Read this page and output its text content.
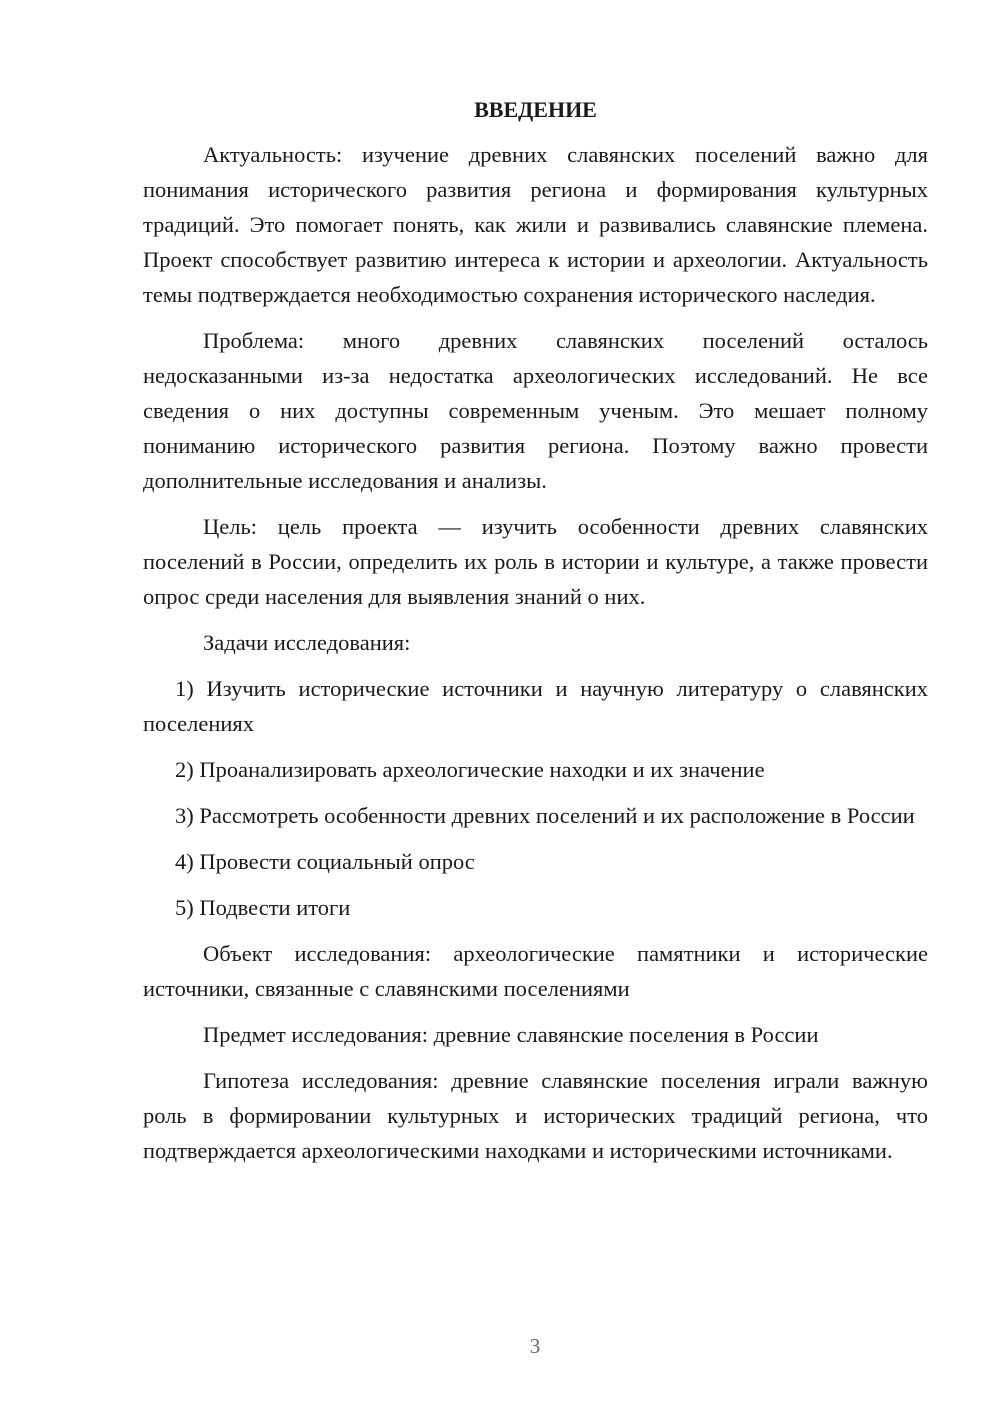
ВВЕДЕНИЕ

Актуальность: изучение древних славянских поселений важно для понимания исторического развития региона и формирования культурных традиций. Это помогает понять, как жили и развивались славянские племена. Проект способствует развитию интереса к истории и археологии. Актуальность темы подтверждается необходимостью сохранения исторического наследия.

Проблема: много древних славянских поселений осталось недосказанными из-за недостатка археологических исследований. Не все сведения о них доступны современным ученым. Это мешает полному пониманию исторического развития региона. Поэтому важно провести дополнительные исследования и анализы.

Цель: цель проекта — изучить особенности древних славянских поселений в России, определить их роль в истории и культуре, а также провести опрос среди населения для выявления знаний о них.

Задачи исследования:

1) Изучить исторические источники и научную литературу о славянских поселениях

2) Проанализировать археологические находки и их значение

3) Рассмотреть особенности древних поселений и их расположение в России

4) Провести социальный опрос

5) Подвести итоги

Объект исследования: археологические памятники и исторические источники, связанные с славянскими поселениями

Предмет исследования: древние славянские поселения в России

Гипотеза исследования: древние славянские поселения играли важную роль в формировании культурных и исторических традиций региона, что подтверждается археологическими находками и историческими источниками.

3
